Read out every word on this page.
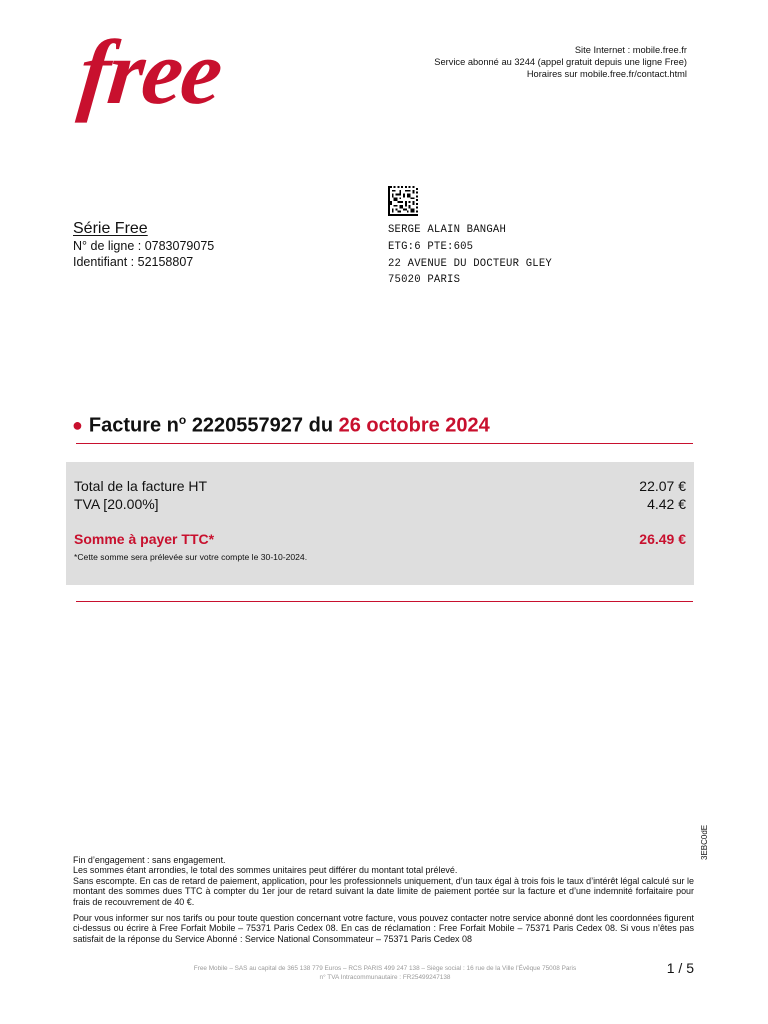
free	Site Internet : mobile.free.fr
Service abonné au 3244 (appel gratuit depuis une ligne Free)
Horaires sur mobile.free.fr/contact.html
Série Free
N° de ligne : 0783079075
Identifiant : 52158807
SERGE ALAIN BANGAH
ETG:6 PTE:605
22 AVENUE DU DOCTEUR GLEY
75020 PARIS
● Facture $n^o$ 2220557927 du 26 octobre 2024
Total de la facture HT	22.07 €
TVA [20.00%]	4.42 €
Somme à payer TTC*	26.49 €
*Cette somme sera prélevée sur votre compte le 30-10-2024.
3EBC0dE

Fin d’engagement : sans engagement.

Les sommes étant arrondies, le total des sommes unitaires peut différer du montant total prélevé.

Sans escompte. En cas de retard de paiement, application, pour les professionnels uniquement, d’un taux égal à trois fois le taux d’intérêt légal calculé sur le montant des sommes dues TTC à compter du 1er jour de retard suivant la date limite de paiement portée sur la facture et d’une indemnité forfaitaire pour frais de recouvrement de 40 €.

Pour vous informer sur nos tarifs ou pour toute question concernant votre facture, vous pouvez contacter notre service abonné dont les coordonnées figurent ci-dessus ou écrire à Free Forfait Mobile – 75371 Paris Cedex 08. En cas de réclamation : Free Forfait Mobile – 75371 Paris Cedex 08. Si vous n’êtes pas satisfait de la réponse du Service Abonné : Service National Consommateur – 75371 Paris Cedex 08

Free Mobile – SAS au capital de 365 138 779 Euros – RCS PARIS 499 247 138 – Siège social : 16 rue de la Ville l’Évêque 75008 Paris
n° TVA Intracommunautaire : FR25499247138
1 / 5
